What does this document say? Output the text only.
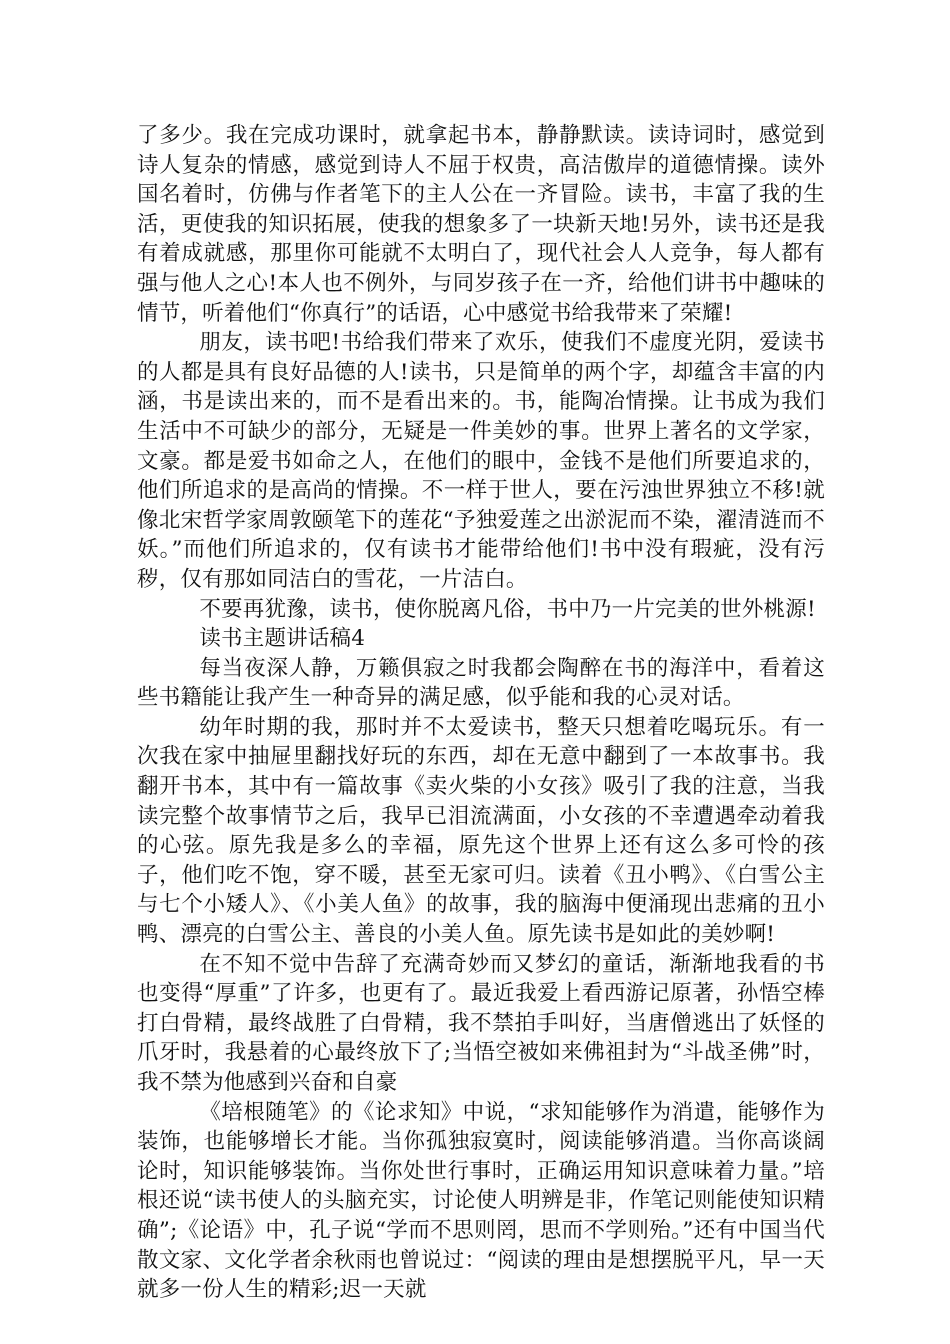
了多少。我在完成功课时，就拿起书本，静静默读。读诗词时，感觉到诗人复杂的情感，感觉到诗人不屈于权贵，高洁傲岸的道德情操。读外国名着时，仿佛与作者笔下的主人公在一齐冒险。读书，丰富了我的生活，更使我的知识拓展，使我的想象多了一块新天地!另外，读书还是我有着成就感，那里你可能就不太明白了，现代社会人人竞争，每人都有强与他人之心!本人也不例外，与同岁孩子在一齐，给他们讲书中趣味的情节，听着他们“你真行”的话语，心中感觉书给我带来了荣耀!

朋友，读书吧!书给我们带来了欢乐，使我们不虚度光阴，爱读书的人都是具有良好品德的人!读书，只是简单的两个字，却蕴含丰富的内涵，书是读出来的，而不是看出来的。书，能陶冶情操。让书成为我们生活中不可缺少的部分，无疑是一件美妙的事。世界上著名的文学家，文豪。都是爱书如命之人，在他们的眼中，金钱不是他们所要追求的，他们所追求的是高尚的情操。不一样于世人，要在污浊世界独立不移!就像北宋哲学家周敦颐笔下的莲花“予独爱莲之出淤泥而不染，濯清涟而不妖。”而他们所追求的，仅有读书才能带给他们!书中没有瑕疵，没有污秽，仅有那如同洁白的雪花，一片洁白。

不要再犹豫，读书，使你脱离凡俗，书中乃一片完美的世外桃源!

读书主题讲话稿4

每当夜深人静，万籁俱寂之时我都会陶醉在书的海洋中，看着这些书籍能让我产生一种奇异的满足感，似乎能和我的心灵对话。

幼年时期的我，那时并不太爱读书，整天只想着吃喝玩乐。有一次我在家中抽屉里翻找好玩的东西，却在无意中翻到了一本故事书。我翻开书本，其中有一篇故事《卖火柴的小女孩》吸引了我的注意，当我读完整个故事情节之后，我早已泪流满面，小女孩的不幸遭遇牵动着我的心弦。原先我是多么的幸福，原先这个世界上还有这么多可怜的孩子，他们吃不饱，穿不暖，甚至无家可归。读着《丑小鸭》、《白雪公主与七个小矮人》、《小美人鱼》的故事，我的脑海中便涌现出悲痛的丑小鸭、漂亮的白雪公主、善良的小美人鱼。原先读书是如此的美妙啊!

在不知不觉中告辞了充满奇妙而又梦幻的童话，渐渐地我看的书也变得“厚重”了许多，也更有了。最近我爱上看西游记原著，孙悟空棒打白骨精，最终战胜了白骨精，我不禁拍手叫好，当唐僧逃出了妖怪的爪牙时，我悬着的心最终放下了;当悟空被如来佛祖封为“斗战圣佛”时，我不禁为他感到兴奋和自豪

《培根随笔》的《论求知》中说，“求知能够作为消遣，能够作为装饰，也能够增长才能。当你孤独寂寞时，阅读能够消遣。当你高谈阔论时，知识能够装饰。当你处世行事时，正确运用知识意味着力量。”培根还说“读书使人的头脑充实，讨论使人明辨是非，作笔记则能使知识精确”;《论语》中，孔子说“学而不思则罔，思而不学则殆。”还有中国当代散文家、文化学者余秋雨也曾说过：“阅读的理由是想摆脱平凡，早一天就多一份人生的精彩;迟一天就
